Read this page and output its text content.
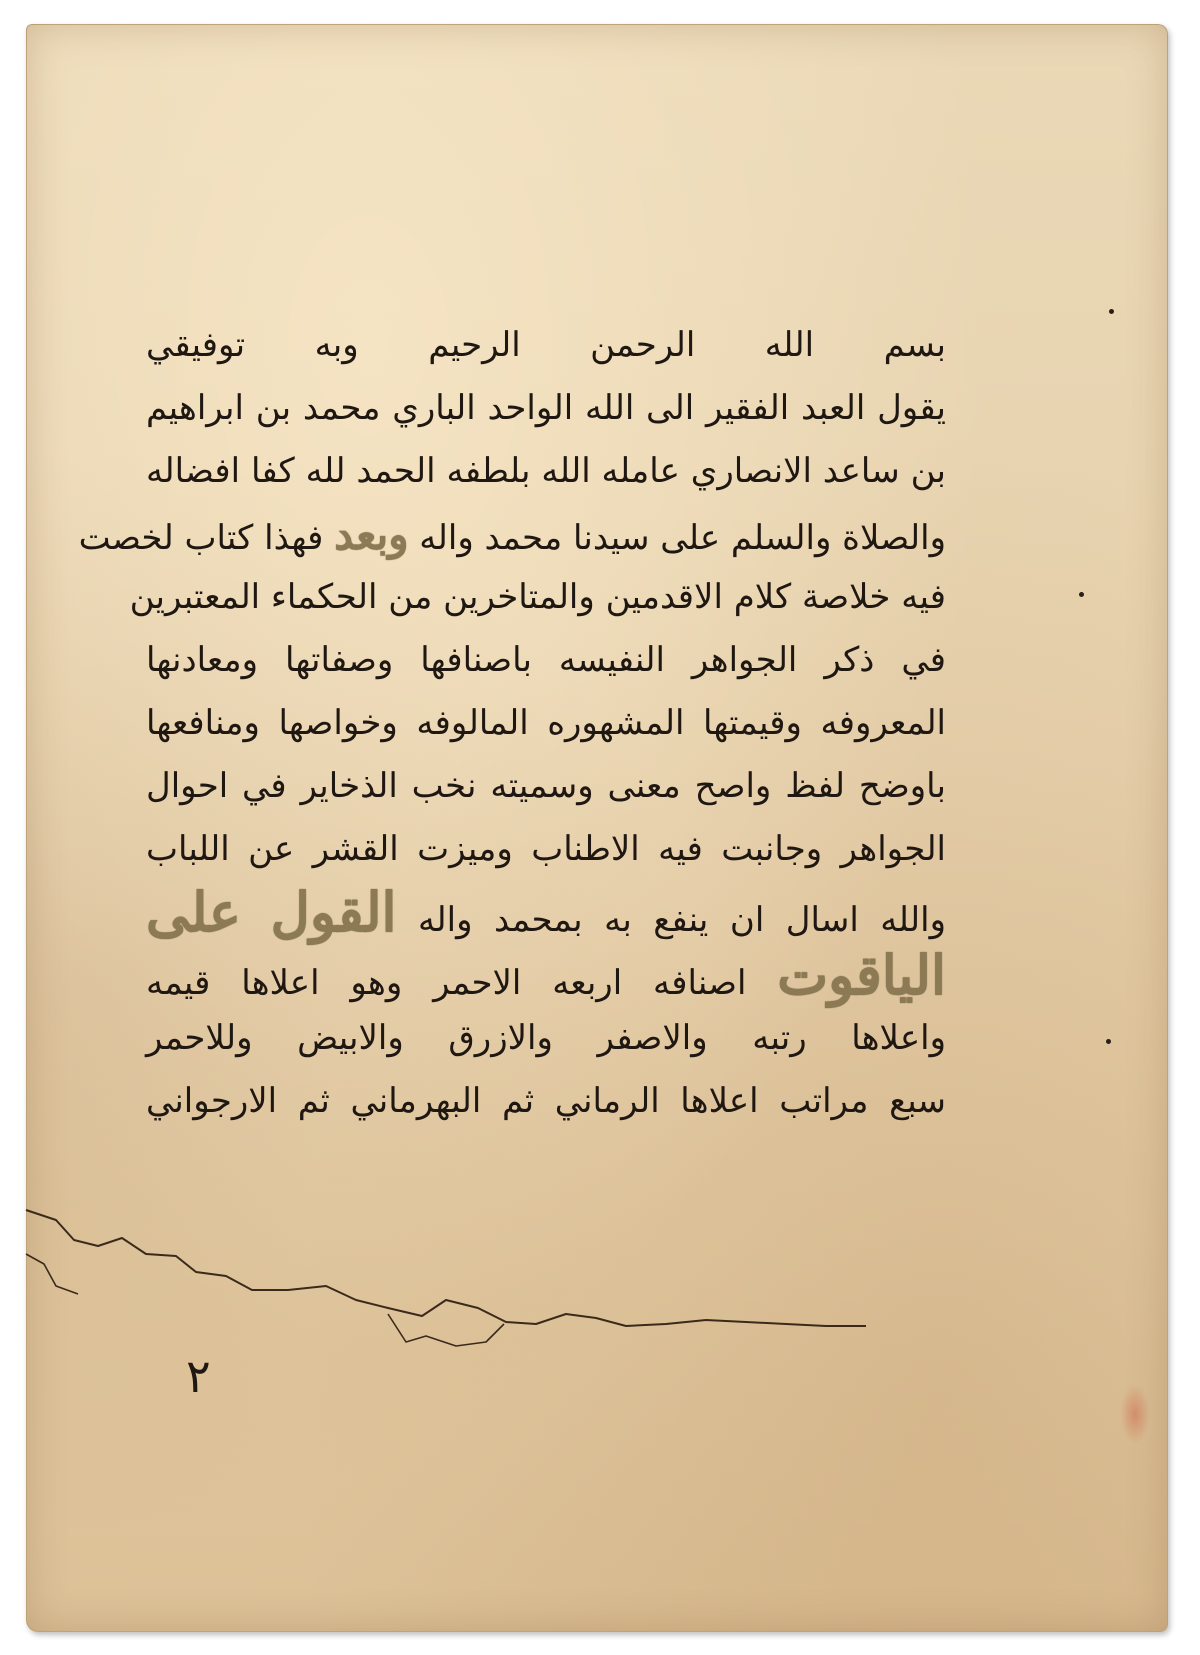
بسم الله الرحمن الرحيم وبه توفيقي
يقول العبد الفقير الى الله الواحد الباري محمد بن ابراهيم
بن ساعد الانصاري عامله الله بلطفه الحمد لله كفا افضاله
والصلاة والسلم على سيدنا محمد واله وبعد فهذا كتاب لخصت
فيه خلاصة كلام الاقدمين والمتاخرين من الحكماء المعتبرين
في ذكر الجواهر النفيسه باصنافها وصفاتها ومعادنها
المعروفه وقيمتها المشهوره المالوفه وخواصها ومنافعها
باوضح لفظ واصح معنى وسميته نخب الذخاير في احوال
الجواهر وجانبت فيه الاطناب وميزت القشر عن اللباب
والله اسال ان ينفع به بمحمد واله القول على
الياقوت اصنافه اربعه الاحمر وهو اعلاها قيمه
واعلاها رتبه والاصفر والازرق والابيض وللاحمر
سبع مراتب اعلاها الرماني ثم البهرماني ثم الارجواني
٢
